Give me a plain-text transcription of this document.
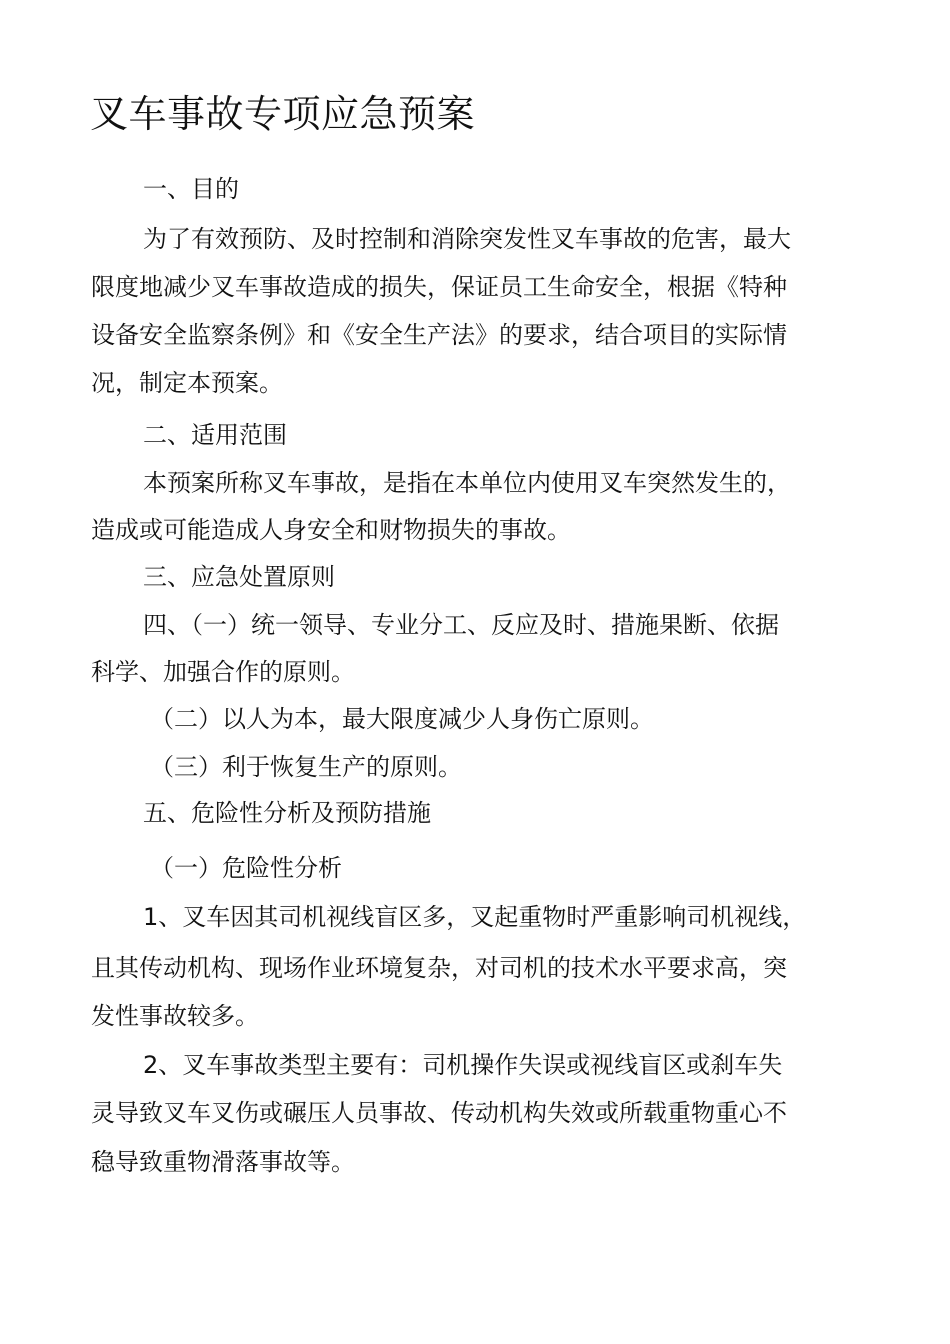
叉车事故专项应急预案
一、目的
为了有效预防、及时控制和消除突发性叉车事故的危害，最大
限度地减少叉车事故造成的损失，保证员工生命安全，根据《特种
设备安全监察条例》和《安全生产法》的要求，结合项目的实际情
况，制定本预案。
二、适用范围
本预案所称叉车事故，是指在本单位内使用叉车突然发生的，
造成或可能造成人身安全和财物损失的事故。
三、应急处置原则
四、（一）统一领导、专业分工、反应及时、措施果断、依据
科学、加强合作的原则。
（二）以人为本，最大限度减少人身伤亡原则。
（三）利于恢复生产的原则。
五、危险性分析及预防措施
（一）危险性分析
1、叉车因其司机视线盲区多，叉起重物时严重影响司机视线，
且其传动机构、现场作业环境复杂，对司机的技术水平要求高，突
发性事故较多。
2、叉车事故类型主要有：司机操作失误或视线盲区或刹车失
灵导致叉车叉伤或碾压人员事故、传动机构失效或所载重物重心不
稳导致重物滑落事故等。
